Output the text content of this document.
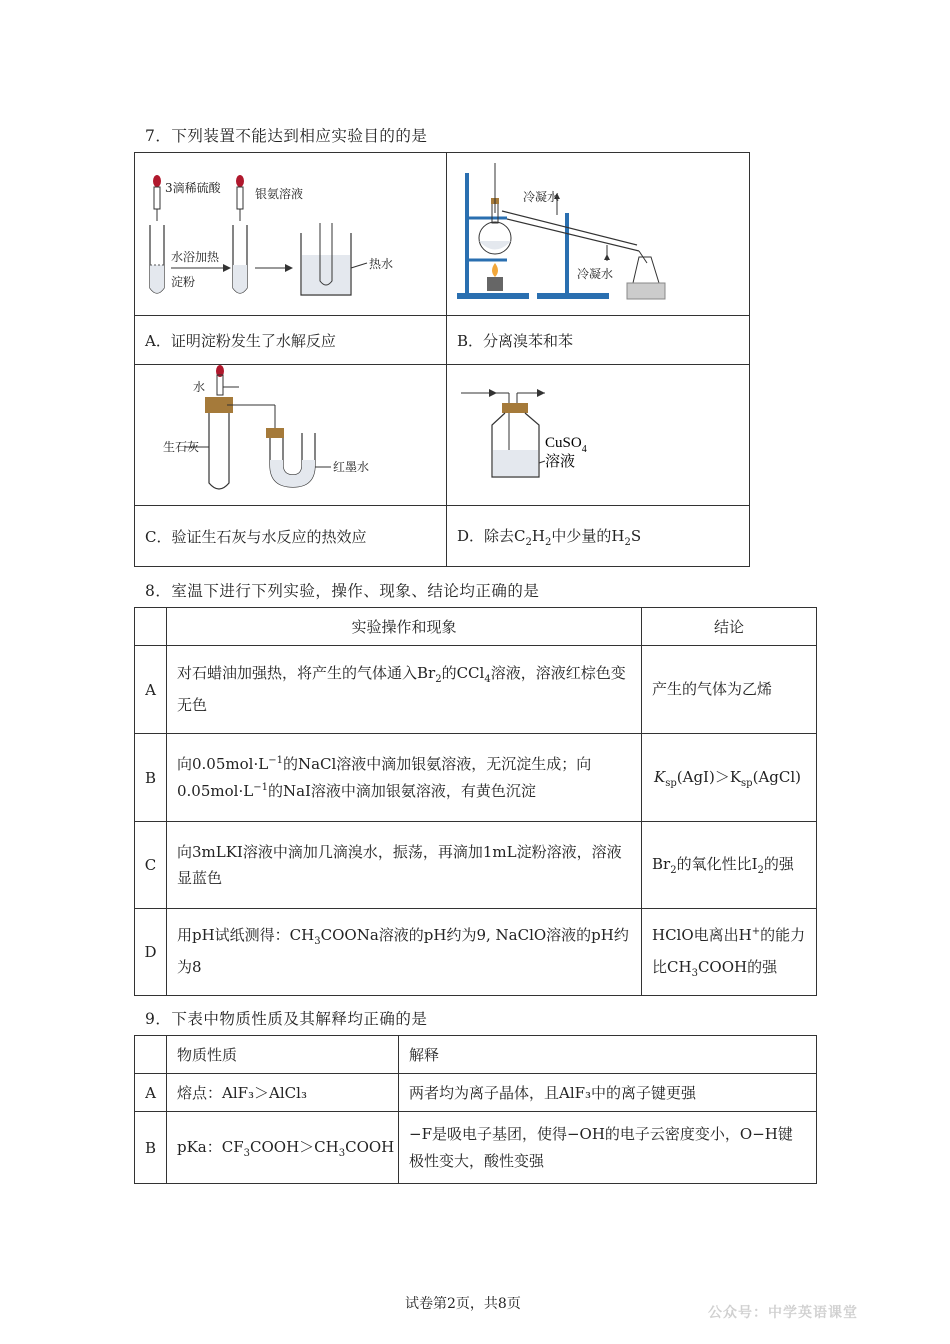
7．下列装置不能达到相应实验目的的是
3滴稀硫酸 银氨溶液
水浴加热
淀粉
热水	冷凝水
冷凝水

A．证明淀粉发生了水解反应	B．分离溴苯和苯

水
生石灰
红墨水	CuSO$_4$
溶液

C．验证生石灰与水反应的热效应	D．除去$C_2H_2$中少量的$H_2S$
8．室温下进行下列实验，操作、现象、结论均正确的是
	实验操作和现象	结论
A	对石蜡油加强热，将产生的气体通入$Br_2$的CCl$_4$溶液，溶液红棕色变无色	产生的气体为乙烯
B	向$0.05mol\cdot L^{-1}$的NaCl溶液中滴加银氨溶液，无沉淀生成；向$0.05mol\cdot L^{-1}$的NaI溶液中滴加银氨溶液，有黄色沉淀	$K_{sp}(AgI)>K_{sp}(AgCl)$
C	向3mLKI溶液中滴加几滴溴水，振荡，再滴加1mL淀粉溶液，溶液显蓝色	$Br_2$的氧化性比$I_2$的强
D	用pH试纸测得：$CH_3COONa$溶液的pH约为9, NaClO溶液的pH约为8	HClO电离出H+的能力比$CH_3COOH$的强
9．下表中物质性质及其解释均正确的是
	物质性质	解释
A	熔点：AlF₃＞AlCl₃	两者均为离子晶体，且AlF₃中的离子键更强
B	pKa：$CF_3COOH>CH_3COOH$	−F是吸电子基团，使得−OH的电子云密度变小，O−H键极性变大，酸性变强
试卷第2页，共8页
公众号：中学英语课堂
